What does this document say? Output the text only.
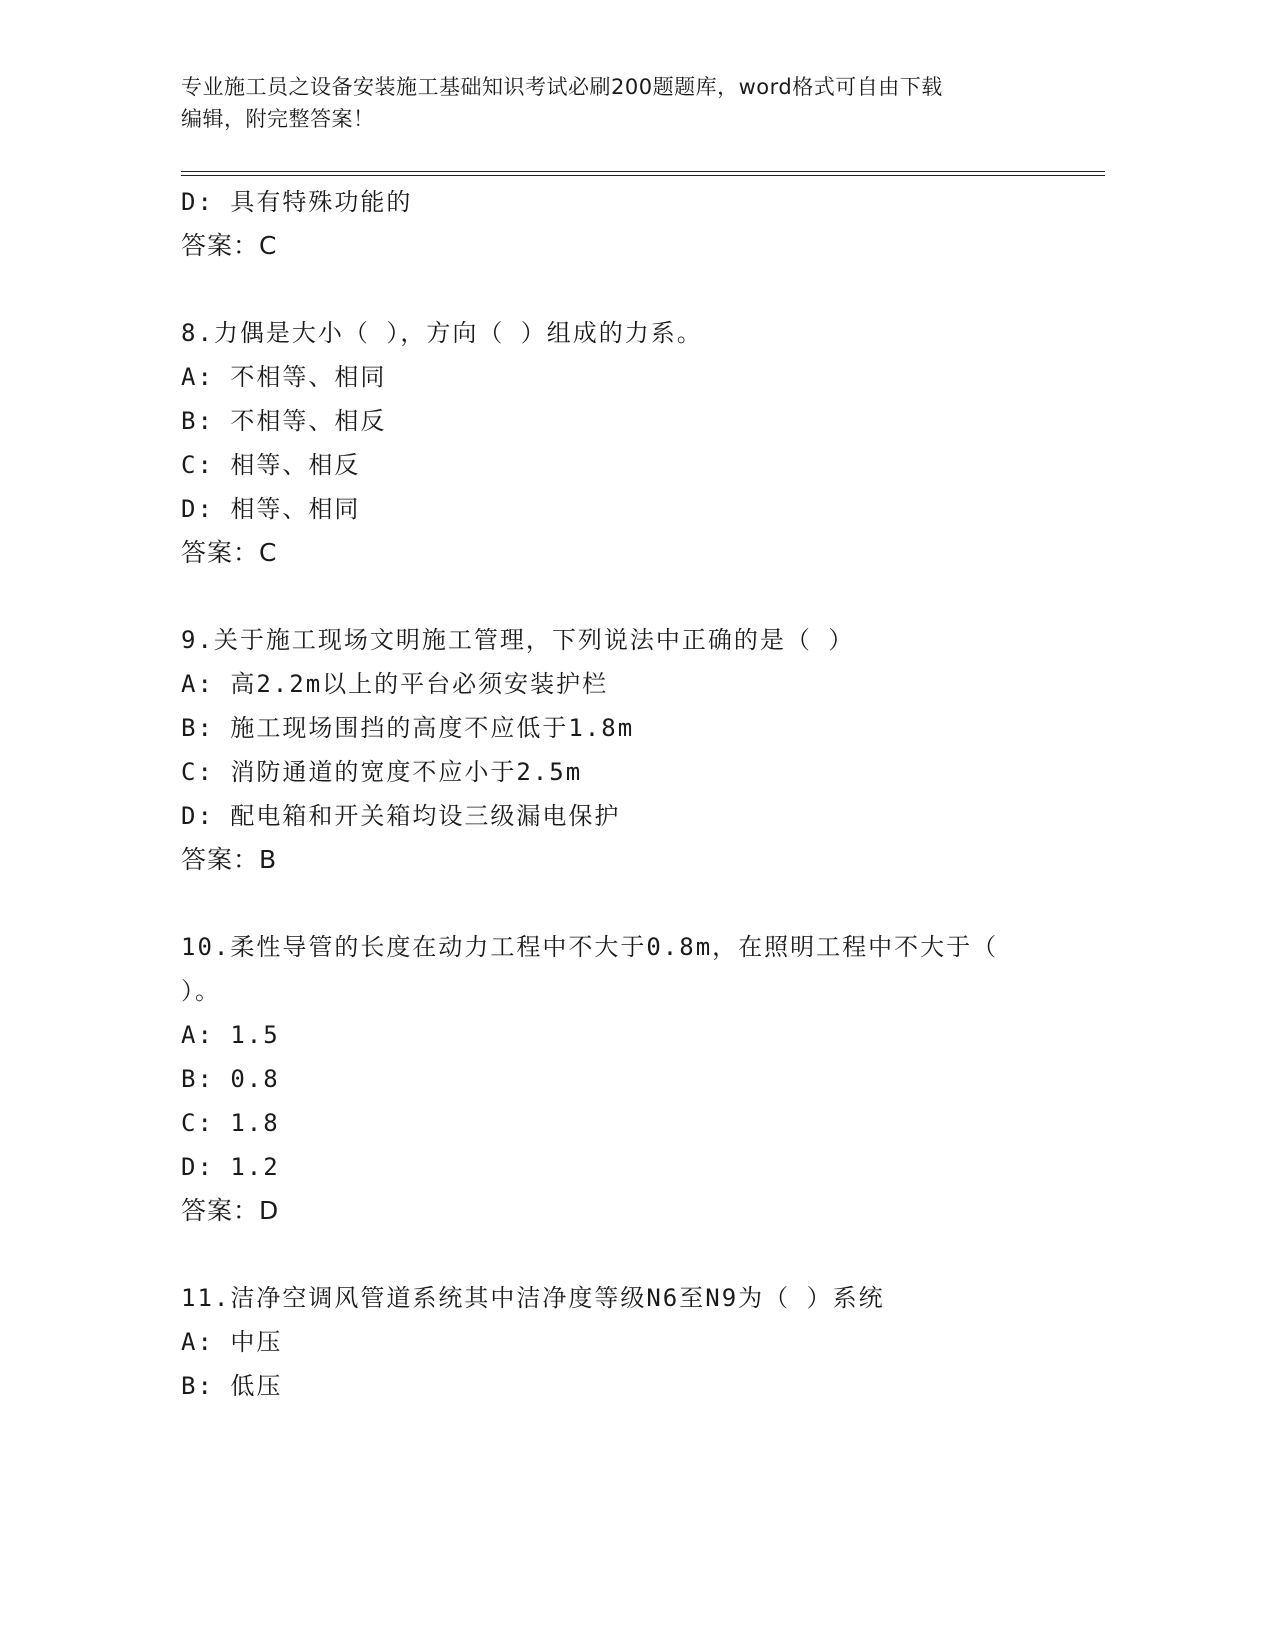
专业施工员之设备安装施工基础知识考试必刷200题题库，word格式可自由下载
编辑，附完整答案！
D: 具有特殊功能的
答案：C
8.力偶是大小（ ），方向（ ）组成的力系。
A: 不相等、相同
B: 不相等、相反
C: 相等、相反
D: 相等、相同
答案：C
9.关于施工现场文明施工管理，下列说法中正确的是（ ）
A: 高2.2m以上的平台必须安装护栏
B: 施工现场围挡的高度不应低于1.8m
C: 消防通道的宽度不应小于2.5m
D: 配电箱和开关箱均设三级漏电保护
答案：B
10.柔性导管的长度在动力工程中不大于0.8m，在照明工程中不大于（
）。
A: 1.5
B: 0.8
C: 1.8
D: 1.2
答案：D
11.洁净空调风管道系统其中洁净度等级N6至N9为（ ）系统
A: 中压
B: 低压
